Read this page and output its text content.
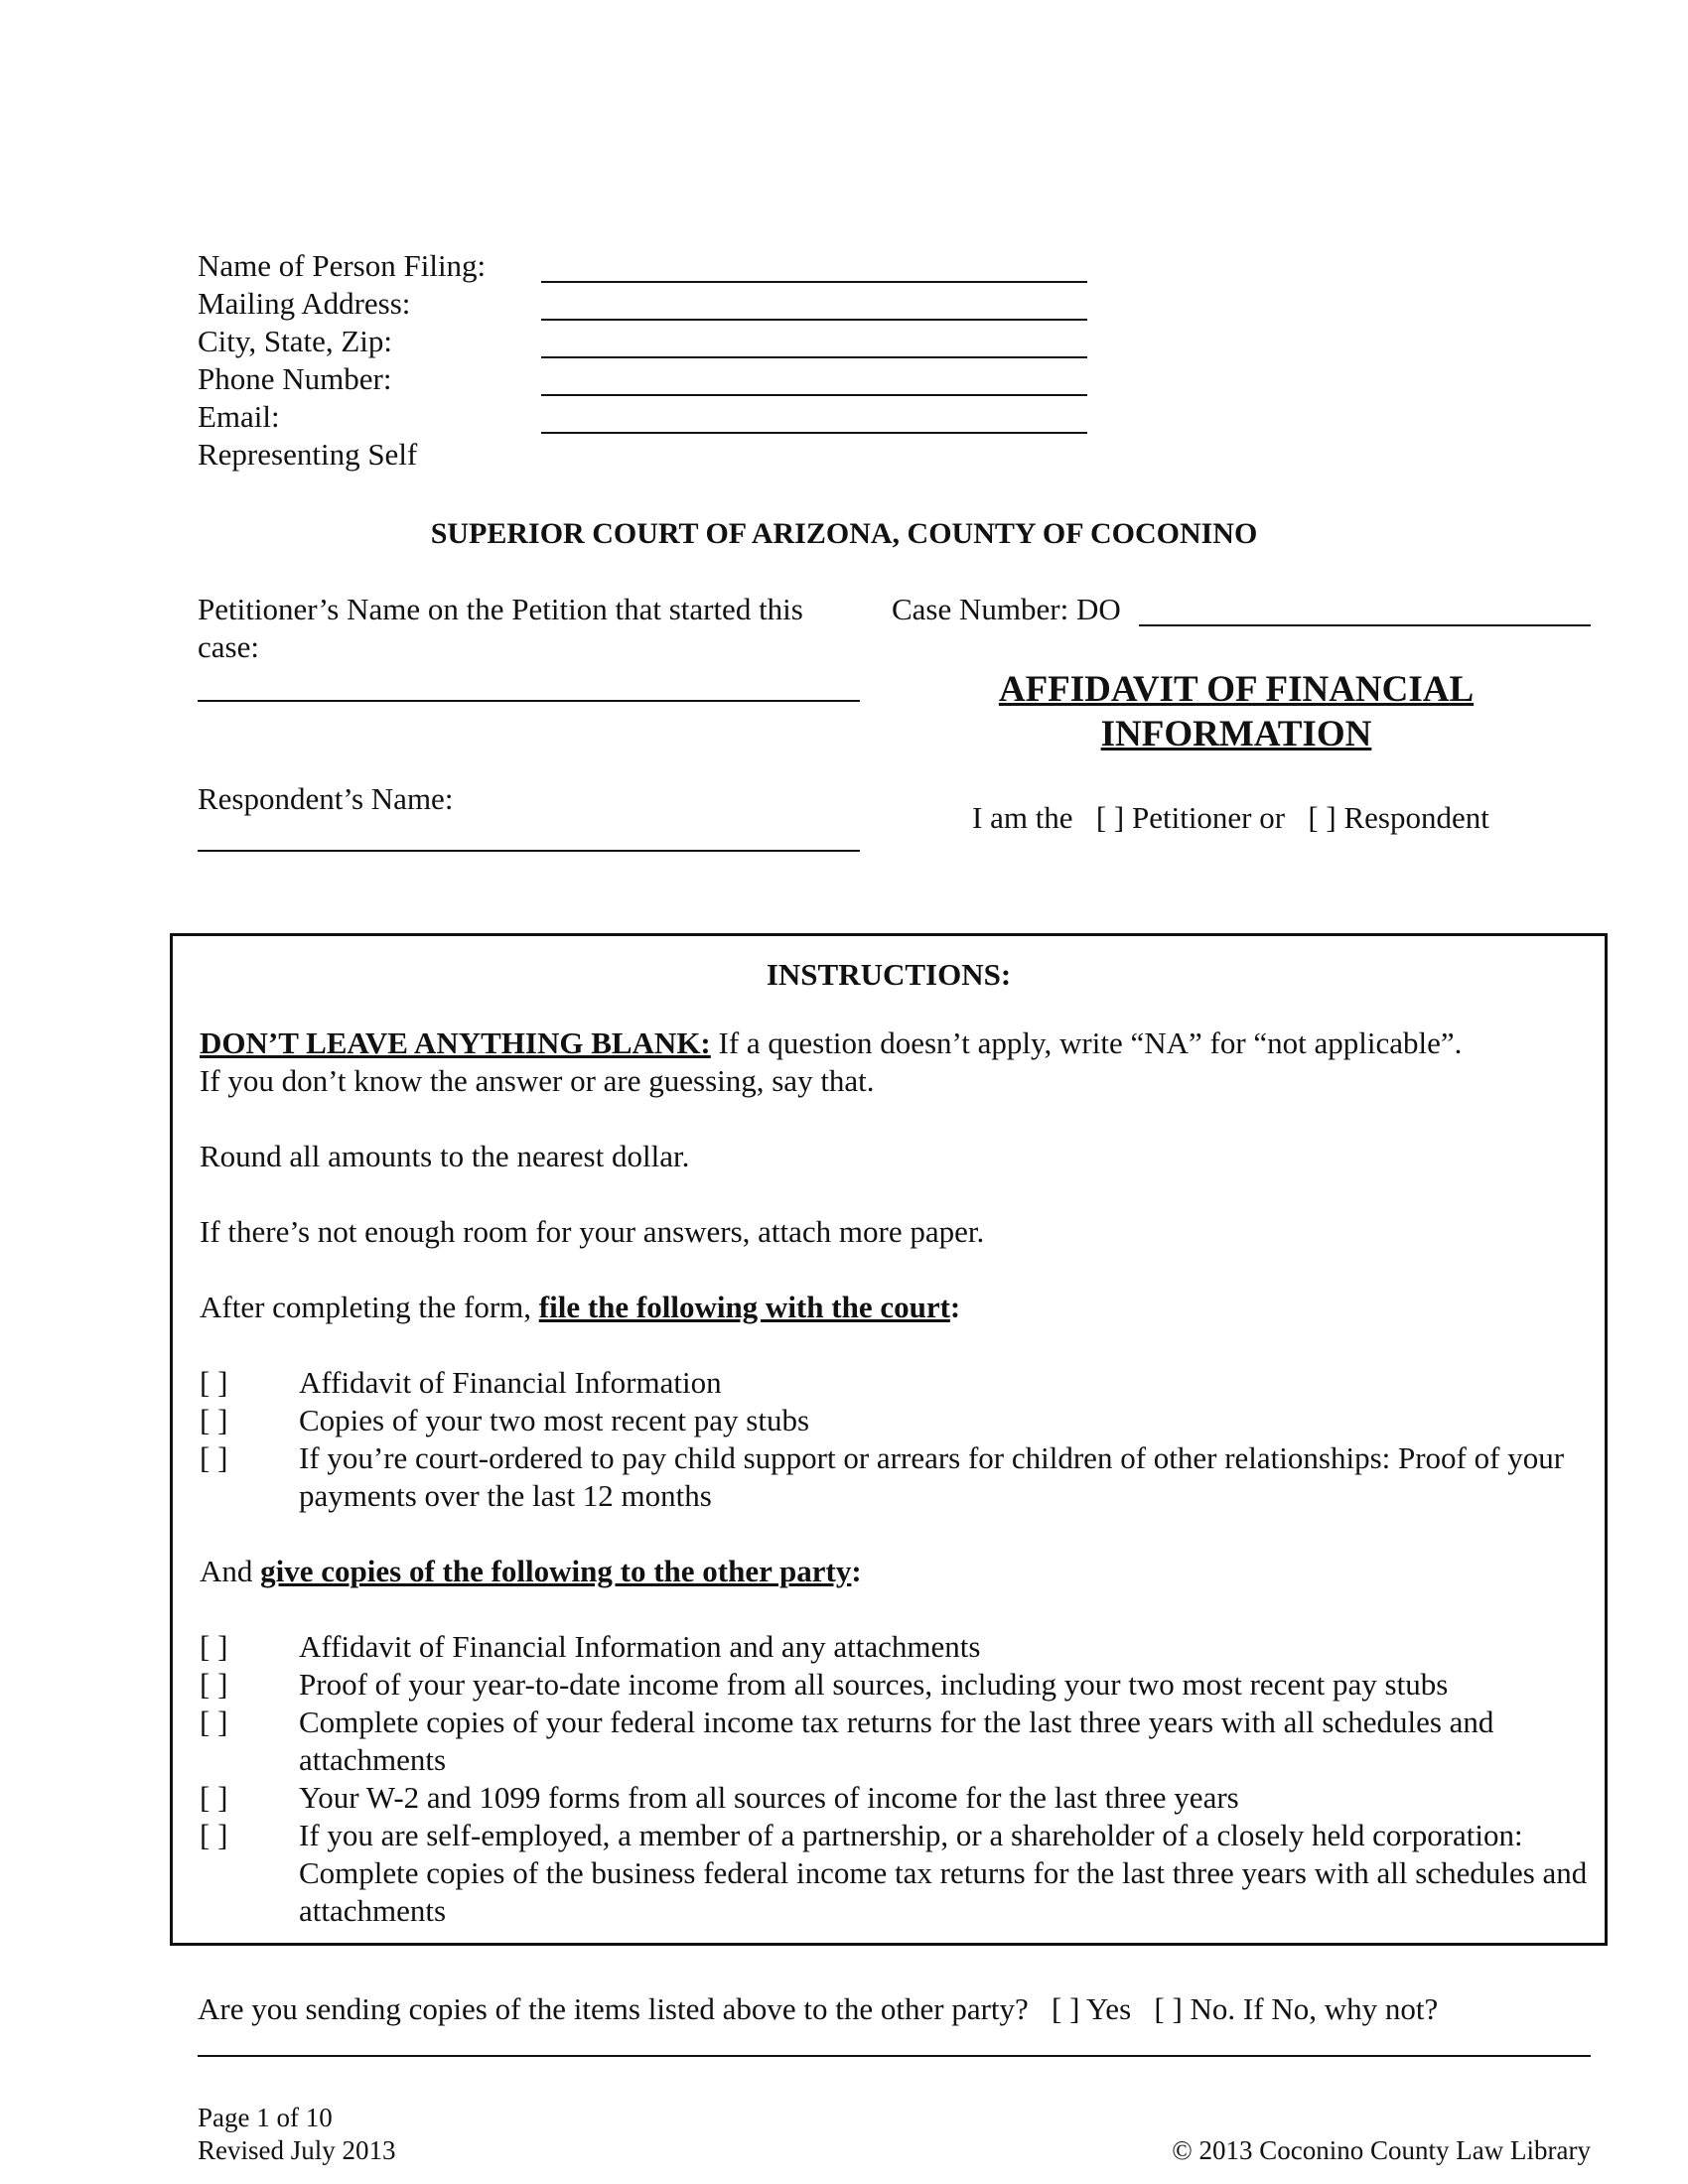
Name of Person Filing:
Mailing Address:
City, State, Zip:
Phone Number:
Email:
Representing Self
SUPERIOR COURT OF ARIZONA, COUNTY OF COCONINO
Petitioner’s Name on the Petition that started this
case:
Respondent’s Name:
Case Number: DO
AFFIDAVIT OF FINANCIAL
INFORMATION
I am the [ ] Petitioner or [ ] Respondent
INSTRUCTIONS:
DON’T LEAVE ANYTHING BLANK: If a question doesn’t apply, write “NA” for “not applicable”.
If you don’t know the answer or are guessing, say that.
Round all amounts to the nearest dollar.
If there’s not enough room for your answers, attach more paper.
After completing the form, file the following with the court:
[ ]	Affidavit of Financial Information
[ ]	Copies of your two most recent pay stubs
[ ]	If you’re court-ordered to pay child support or arrears for children of other relationships: Proof of your payments over the last 12 months
And give copies of the following to the other party:
[ ]	Affidavit of Financial Information and any attachments
[ ]	Proof of your year-to-date income from all sources, including your two most recent pay stubs
[ ]	Complete copies of your federal income tax returns for the last three years with all schedules and attachments
[ ]	Your W-2 and 1099 forms from all sources of income for the last three years
[ ]	If you are self-employed, a member of a partnership, or a shareholder of a closely held corporation: Complete copies of the business federal income tax returns for the last three years with all schedules and attachments
Are you sending copies of the items listed above to the other party? [ ] Yes [ ] No. If No, why not?
Page 1 of 10
Revised July 2013	© 2013 Coconino County Law Library
